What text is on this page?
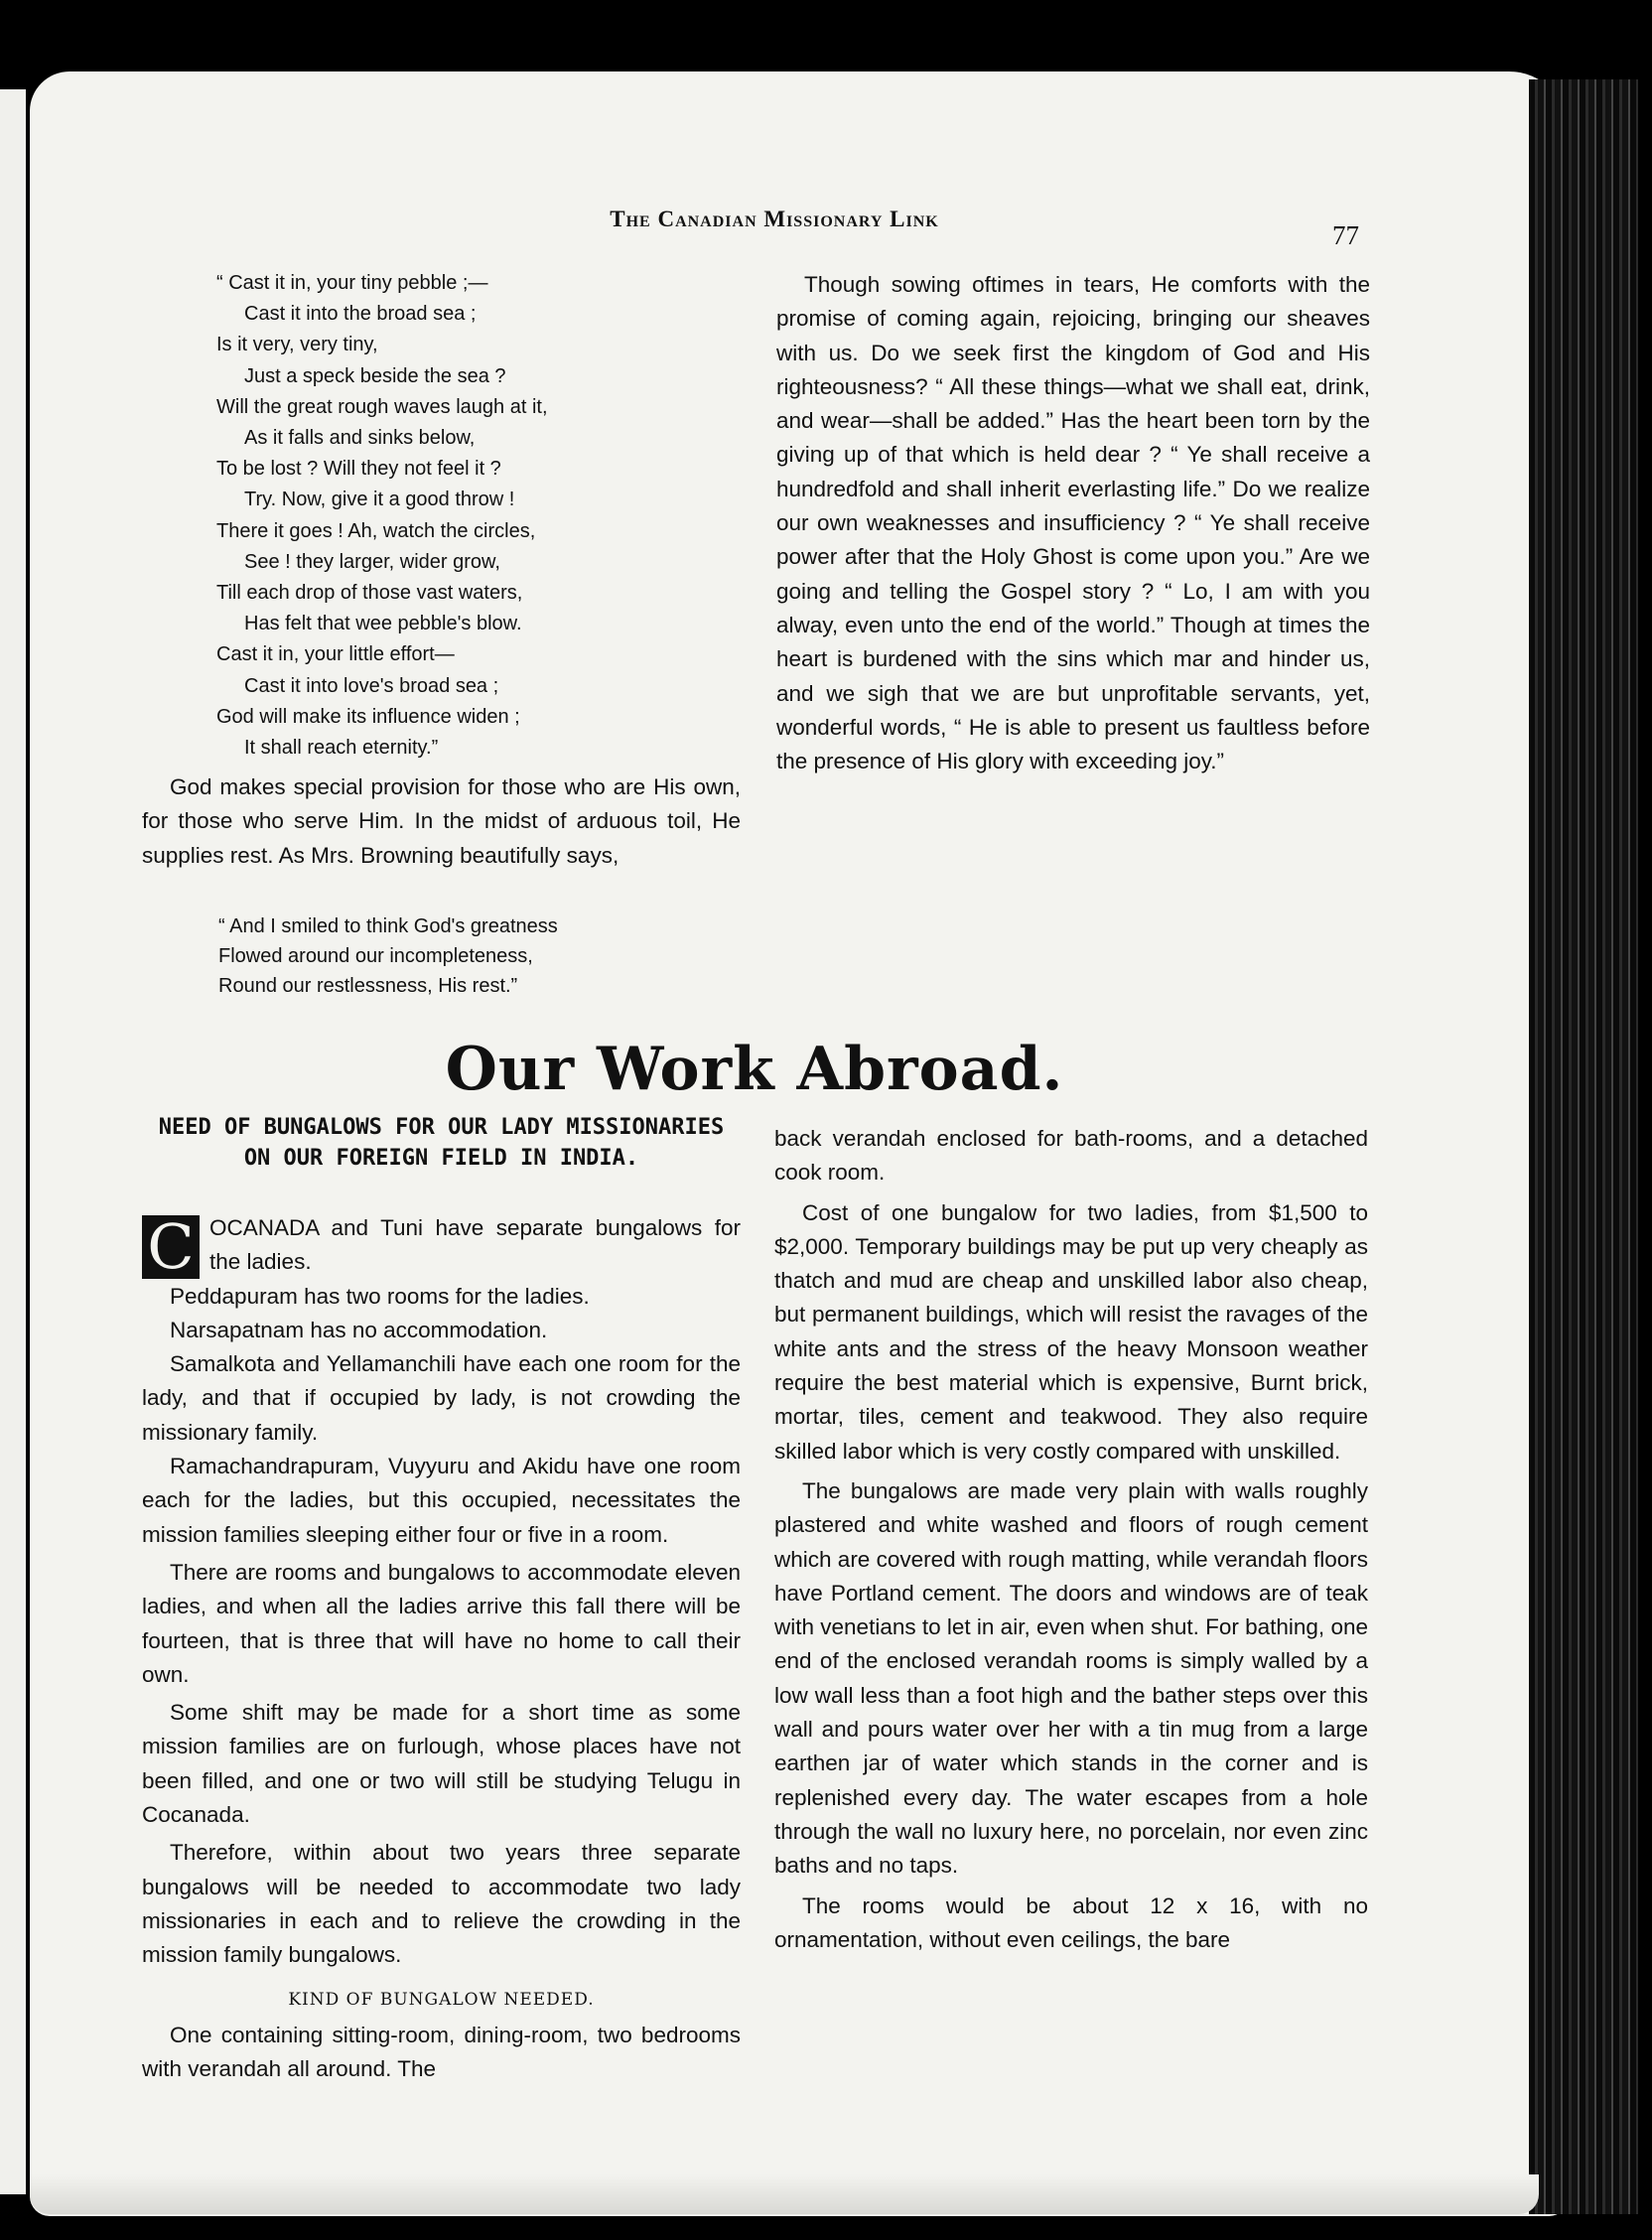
The Canadian Missionary Link
77
“ Cast it in, your tiny pebble ;—
Cast it into the broad sea ;
Is it very, very tiny,
Just a speck beside the sea ?
Will the great rough waves laugh at it,
As it falls and sinks below,
To be lost ? Will they not feel it ?
Try. Now, give it a good throw !
There it goes ! Ah, watch the circles,
See ! they larger, wider grow,
Till each drop of those vast waters,
Has felt that wee pebble's blow.
Cast it in, your little effort—
Cast it into love's broad sea ;
God will make its influence widen ;
It shall reach eternity.”
God makes special provision for those who are His own, for those who serve Him. In the midst of arduous toil, He supplies rest. As Mrs. Browning beautifully says,
“ And I smiled to think God's greatness
Flowed around our incompleteness,
Round our restlessness, His rest.”
Though sowing oftimes in tears, He comforts with the promise of coming again, rejoicing, bringing our sheaves with us. Do we seek first the kingdom of God and His righteousness? “ All these things—what we shall eat, drink, and wear—shall be added.” Has the heart been torn by the giving up of that which is held dear ? “ Ye shall receive a hundredfold and shall inherit everlasting life.” Do we realize our own weaknesses and insufficiency ? “ Ye shall receive power after that the Holy Ghost is come upon you.” Are we going and telling the Gospel story ? “ Lo, I am with you alway, even unto the end of the world.” Though at times the heart is burdened with the sins which mar and hinder us, and we sigh that we are but unprofitable servants, yet, wonderful words, “ He is able to present us faultless before the presence of His glory with exceeding joy.”
Our Work Abroad.
NEED OF BUNGALOWS FOR OUR LADY MISSIONARIES ON OUR FOREIGN FIELD IN INDIA.

C OCANADA and Tuni have separate bungalows for the ladies.

Peddapuram has two rooms for the ladies.

Narsapatnam has no accommodation.

Samalkota and Yellamanchili have each one room for the lady, and that if occupied by lady, is not crowding the missionary family.

Ramachandrapuram, Vuyyuru and Akidu have one room each for the ladies, but this occupied, necessitates the mission families sleeping either four or five in a room.

There are rooms and bungalows to accommodate eleven ladies, and when all the ladies arrive this fall there will be fourteen, that is three that will have no home to call their own.

Some shift may be made for a short time as some mission families are on furlough, whose places have not been filled, and one or two will still be studying Telugu in Cocanada.

Therefore, within about two years three separate bungalows will be needed to accommodate two lady missionaries in each and to relieve the crowding in the mission family bungalows.

KIND OF BUNGALOW NEEDED.

One containing sitting-room, dining-room, two bedrooms with verandah all around. The

back verandah enclosed for bath-rooms, and a detached cook room.

Cost of one bungalow for two ladies, from $1,500 to $2,000. Temporary buildings may be put up very cheaply as thatch and mud are cheap and unskilled labor also cheap, but permanent buildings, which will resist the ravages of the white ants and the stress of the heavy Monsoon weather require the best material which is expensive, Burnt brick, mortar, tiles, cement and teakwood. They also require skilled labor which is very costly compared with unskilled.

The bungalows are made very plain with walls roughly plastered and white washed and floors of rough cement which are covered with rough matting, while verandah floors have Portland cement. The doors and windows are of teak with venetians to let in air, even when shut. For bathing, one end of the enclosed verandah rooms is simply walled by a low wall less than a foot high and the bather steps over this wall and pours water over her with a tin mug from a large earthen jar of water which stands in the corner and is replenished every day. The water escapes from a hole through the wall no luxury here, no porcelain, nor even zinc baths and no taps.

The rooms would be about 12 x 16, with no ornamentation, without even ceilings, the bare
